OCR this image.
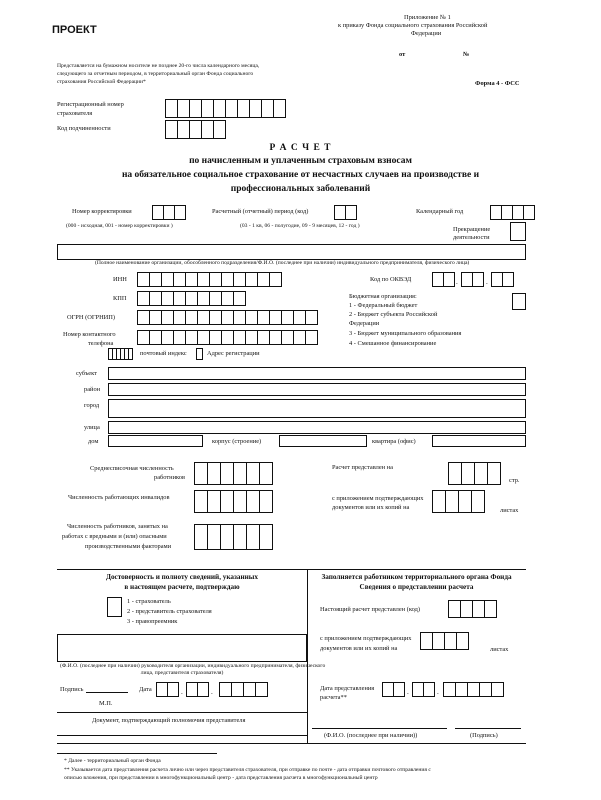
ПРОЕКТ
Приложение № 1
к приказу Фонда социального страхования Российской
Федерации
от	№
Представляется на бумажном носителе не позднее 20-го числа календарного месяца,
следующего за отчетным периодом, в территориальный орган Фонда социального
страхования Российской Федерации*	Форма 4 - ФСС
Регистрационный номер
страхователя
Код подчиненности
Р А С Ч Е Т
по начисленным и уплаченным страховым взносам
на обязательное социальное страхование от несчастных случаев на производстве и
профессиональных заболеваний
Номер корректировки
(000 - исходная, 001 - номер корректировки )
Расчетный (отчетный) период (код)
(03 - 1 кв, 06 - полугодие, 09 - 9 месяцев, 12 - год )
Календарный год
Прекращение
деятельности
(Полное наименование организации, обособленного подразделения/Ф.И.О. (последнее при наличии) индивидуального предпринимателя, физического лица)
ИНН	Код по ОКВЭД	.	.
КПП	Бюджетная организация:
1 - Федеральный бюджет
2 - Бюджет субъекта Российской
Федерации
3 - Бюджет муниципального образования
4 - Смешанное финансирование
ОГРН (ОГРНИП)
Номер контактного
телефона
почтовый индекс	Адрес регистрации
субъект
район
город
улица
дом	корпус (строение)	квартира (офис)
Среднесписочная численность
работников
Расчет представлен на
стр.
Численность работающих инвалидов	с приложением подтверждающих
документов или их копий на	листах
Численность работников, занятых на
работах с вредными и (или) опасными
производственными факторами
Достоверность и полноту сведений, указанных
в настоящем расчете, подтверждаю
1 - страхователь
2 - представитель страхователя
3 - правопреемник
(Ф.И.О. (последнее при наличии) руководителя организации, индивидуального предпринимателя, физического
лица, представителя страхователя)
Подпись	Дата	.	.
М.П.
Документ, подтверждающий полномочия представителя
Заполняется работником территориального органа Фонда
Сведения о представлении расчета
Настоящий расчет представлен (код)
с приложением подтверждающих
документов или их копий на	листах
Дата представления
расчета**
.	.
(Ф.И.О. (последнее при наличии))	(Подпись)
* Далее - территориальный орган Фонда
** Указывается дата представления расчета лично или через представителя страхователя, при отправке по почте - дата отправки почтового отправления с
описью вложения, при представлении в многофункциональный центр - дата представления расчета в многофункциональный центр
